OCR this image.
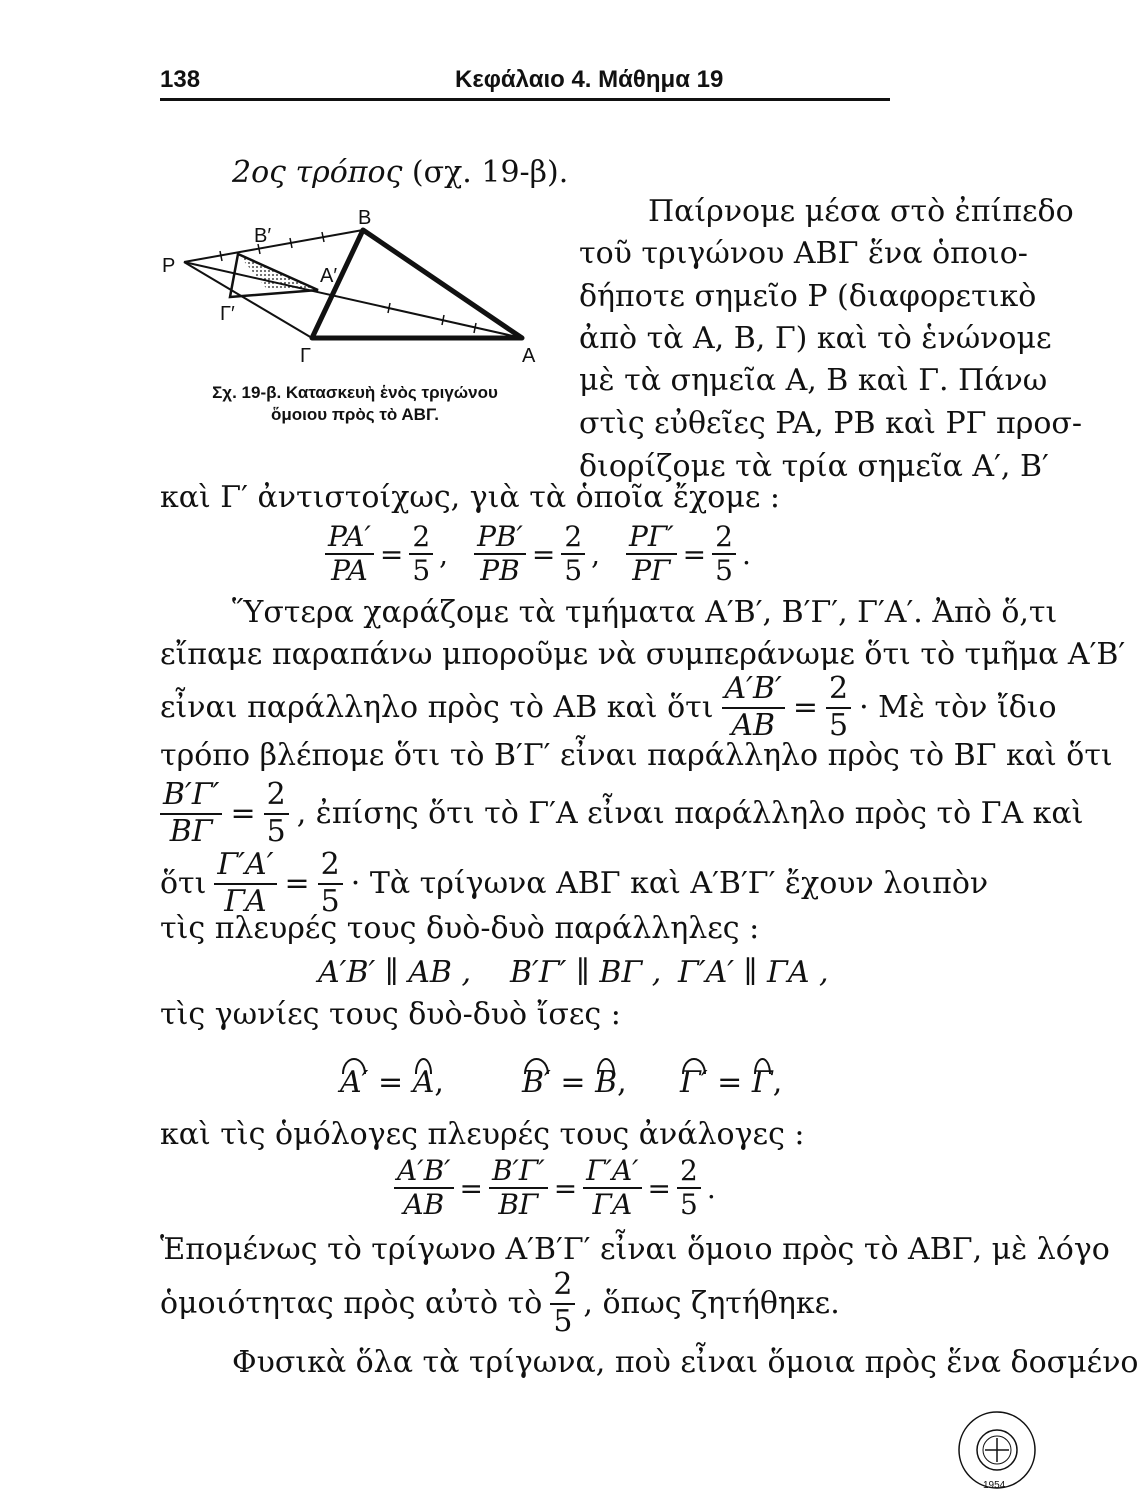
138	Κεφάλαιο 4. Μάθημα 19
2ος τρόπος (σχ. 19-β).
P
B
B′
A′
Γ′
Γ	A
Σχ. 19-β. Κατασκευὴ ἑνὸς τριγώνου
ὅμοιου πρὸς τὸ ΑΒΓ.
Παίρνομε μέσα στὸ ἐπίπεδο
τοῦ τριγώνου ΑΒΓ ἕνα ὁποιο-
δήποτε σημεῖο P (διαφορετικὸ
ἀπὸ τὰ Α, Β, Γ) καὶ τὸ ἑνώνομε
μὲ τὰ σημεῖα Α, Β καὶ Γ. Πάνω
στὶς εὐθεῖες PA, PB καὶ PΓ προσ-
διορίζομε τὰ τρία σημεῖα Α′, Β′
καὶ Γ′ ἀντιστοίχως, γιὰ τὰ ὁποῖα ἔχομε :
$\frac{PA'}{PA} = \frac{2}{5}$ , $\frac{PB'}{PB} = \frac{2}{5}$ , $\frac{P\Gamma'}{P\Gamma} = \frac{2}{5}$ .
Ὕστερα χαράζομε τὰ τμήματα Α′Β′, Β′Γ′, Γ′Α′. Ἀπὸ ὅ,τι
εἴπαμε παραπάνω μποροῦμε νὰ συμπεράνωμε ὅτι τὸ τμῆμα Α′Β′
εἶναι παράλληλο πρὸς τὸ ΑΒ καὶ ὅτι $\frac{A'B'}{AB} = \frac{2}{5}$ · Μὲ τὸν ἴδιο
τρόπο βλέπομε ὅτι τὸ Β′Γ′ εἶναι παράλληλο πρὸς τὸ ΒΓ καὶ ὅτι
$\frac{B'\Gamma'}{B\Gamma} = \frac{2}{5}$ , ἐπίσης ὅτι τὸ Γ′Α εἶναι παράλληλο πρὸς τὸ ΓΑ καὶ
ὅτι $\frac{\Gamma'A'}{\Gamma A} = \frac{2}{5}$ · Τὰ τρίγωνα ΑΒΓ καὶ Α′Β′Γ′ ἔχουν λοιπὸν
τὶς πλευρές τους δυὸ-δυὸ παράλληλες :
Α′Β′ ∥ ΑΒ , Β′Γ′ ∥ ΒΓ , Γ′Α′ ∥ ΓΑ ,
τὶς γωνίες τους δυὸ-δυὸ ἴσες :
Α′ = Α,	Β′ = Β, Γ′ = Γ,
καὶ τὶς ὁμόλογες πλευρές τους ἀνάλογες :
$\frac{A'B'}{AB} = \frac{B'\Gamma'}{B\Gamma} = \frac{\Gamma'A'}{\Gamma A} = \frac{2}{5}$ .
Ἑπομένως τὸ τρίγωνο Α′Β′Γ′ εἶναι ὅμοιο πρὸς τὸ ΑΒΓ, μὲ λόγο
ὁμοιότητας πρὸς αὐτὸ τὸ $\frac{2}{5}$ , ὅπως ζητήθηκε.
Φυσικὰ ὅλα τὰ τρίγωνα, ποὺ εἶναι ὅμοια πρὸς ἕνα δοσμένο
1954
